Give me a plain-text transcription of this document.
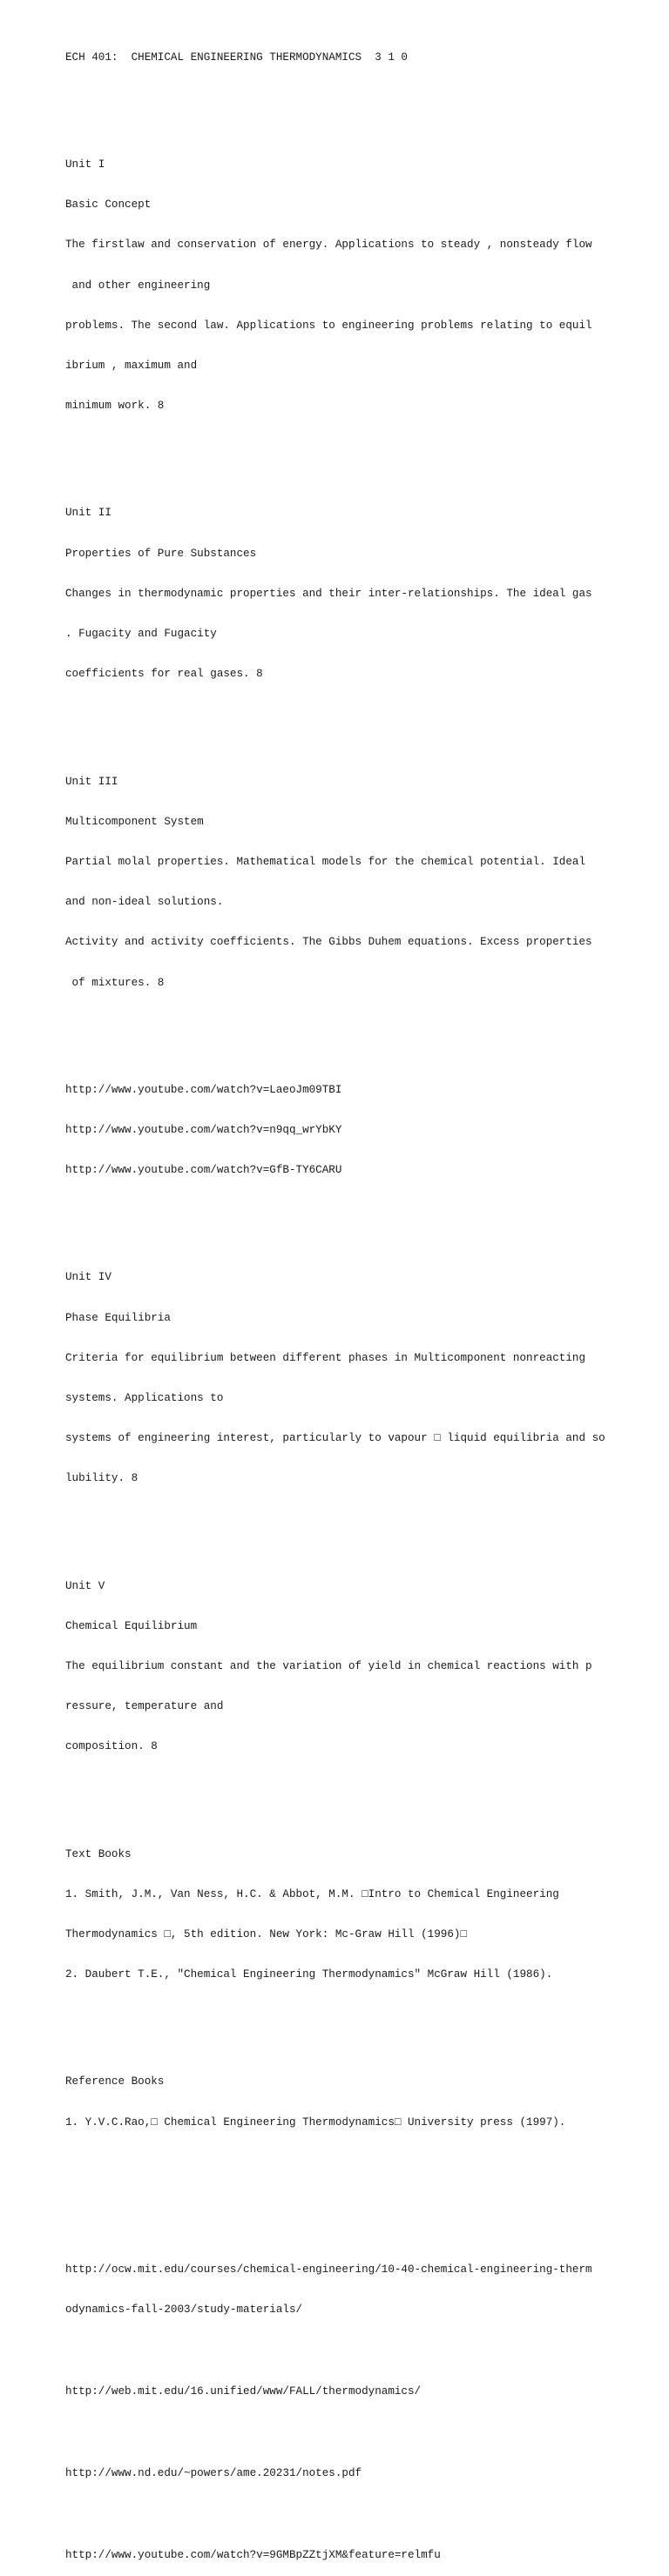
ECH 401:  CHEMICAL ENGINEERING THERMODYNAMICS  3 1 0

Unit I

Basic Concept

The firstlaw and conservation of energy. Applications to steady , nonsteady flow

and other engineering

problems. The second law. Applications to engineering problems relating to equil

ibrium , maximum and

minimum work. 8

Unit II

Properties of Pure Substances

Changes in thermodynamic properties and their inter-relationships. The ideal gas

. Fugacity and Fugacity

coefficients for real gases. 8

Unit III

Multicomponent System

Partial molal properties. Mathematical models for the chemical potential. Ideal

and non-ideal solutions.

Activity and activity coefficients. The Gibbs Duhem equations. Excess properties

of mixtures. 8

http://www.youtube.com/watch?v=LaeoJm09TBI

http://www.youtube.com/watch?v=n9qq_wrYbKY

http://www.youtube.com/watch?v=GfB-TY6CARU

Unit IV

Phase Equilibria

Criteria for equilibrium between different phases in Multicomponent nonreacting

systems. Applications to

systems of engineering interest, particularly to vapour □ liquid equilibria and so

lubility. 8

Unit V

Chemical Equilibrium

The equilibrium constant and the variation of yield in chemical reactions with p

ressure, temperature and

composition. 8

Text Books

1. Smith, J.M., Van Ness, H.C. & Abbot, M.M. □Intro to Chemical Engineering

Thermodynamics □, 5th edition. New York: Mc-Graw Hill (1996)□

2. Daubert T.E., "Chemical Engineering Thermodynamics" McGraw Hill (1986).

Reference Books

1. Y.V.C.Rao,□ Chemical Engineering Thermodynamics□ University press (1997).

http://ocw.mit.edu/courses/chemical-engineering/10-40-chemical-engineering-therm

odynamics-fall-2003/study-materials/

http://web.mit.edu/16.unified/www/FALL/thermodynamics/

http://www.nd.edu/~powers/ame.20231/notes.pdf

http://www.youtube.com/watch?v=9GMBpZZtjXM&feature=relmfu
